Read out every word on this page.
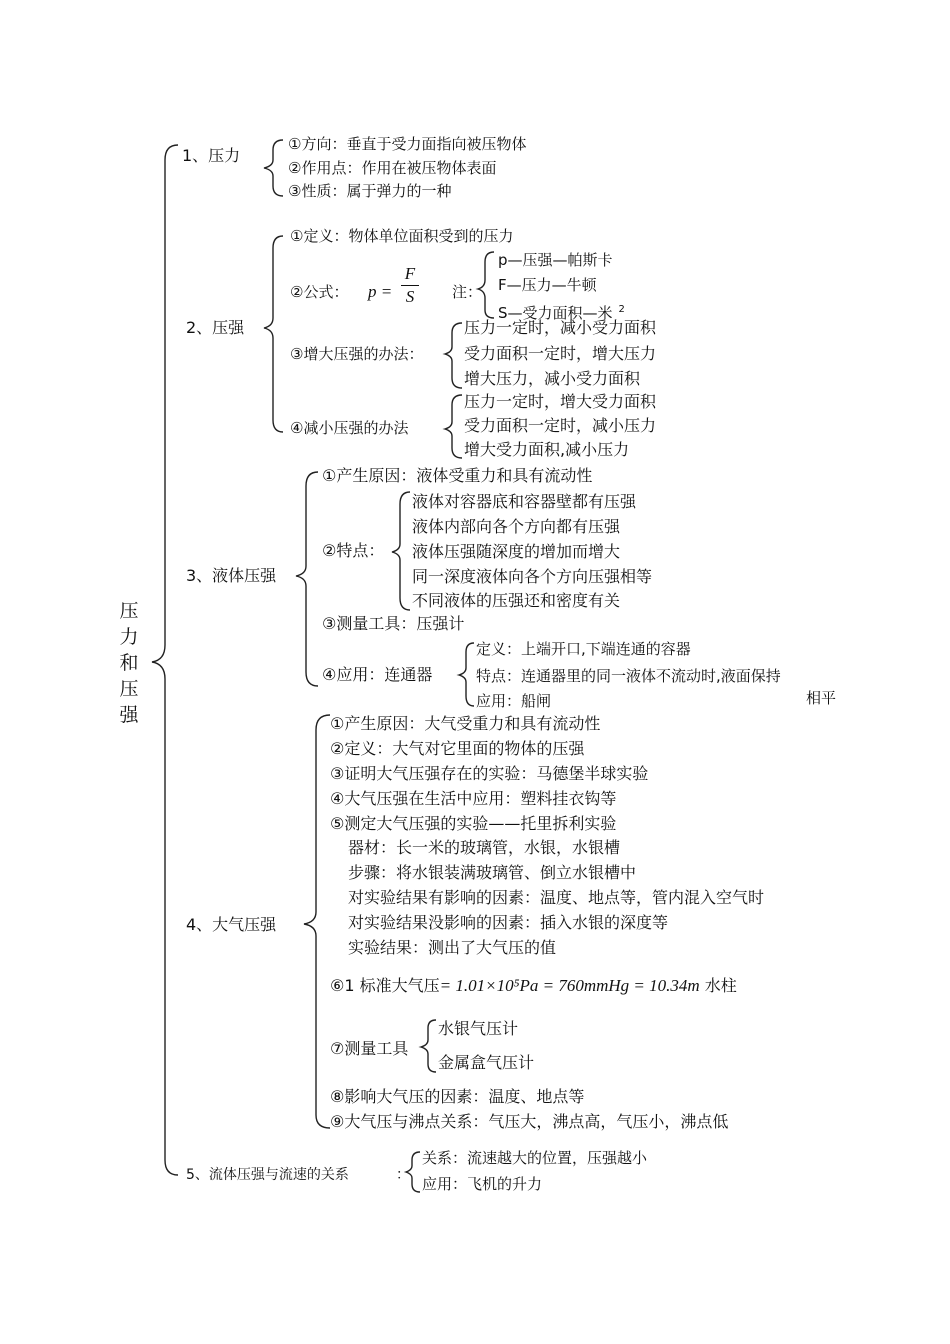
压
力
和
压
强
1、压力
①方向：垂直于受力面指向被压物体
②作用点：作用在被压物体表面
③性质：属于弹力的一种
2、压强
①定义：物体单位面积受到的压力
②公式： p =
F
S	注：
p—压强—帕斯卡
F—压力—牛顿
S—受力面积—米 $^2$
③增大压强的办法：
压力一定时，减小受力面积
受力面积一定时，增大压力
增大压力，减小受力面积
④减小压强的办法
压力一定时，增大受力面积
受力面积一定时，减小压力
增大受力面积,减小压力
3、液体压强
①产生原因：液体受重力和具有流动性
②特点：
液体对容器底和容器壁都有压强
液体内部向各个方向都有压强
液体压强随深度的增加而增大
同一深度液体向各个方向压强相等
不同液体的压强还和密度有关
③测量工具：压强计
④应用：连通器
定义：上端开口,下端连通的容器
特点：连通器里的同一液体不流动时,液面保持
应用：船闸	相平
4、大气压强
①产生原因：大气受重力和具有流动性
②定义：大气对它里面的物体的压强
③证明大气压强存在的实验：马德堡半球实验
④大气压强在生活中应用：塑料挂衣钩等
⑤测定大气压强的实验——托里拆利实验
器材：长一米的玻璃管，水银，水银槽
步骤：将水银装满玻璃管、倒立水银槽中
对实验结果有影响的因素：温度、地点等，管内混入空气时
对实验结果没影响的因素：插入水银的深度等
实验结果：测出了大气压的值
⑥1 标准大气压= 1.01×10⁵Pa = 760mmHg = 10.34m 水柱
⑦测量工具
水银气压计
金属盒气压计
⑧影响大气压的因素：温度、地点等
⑨大气压与沸点关系：气压大，沸点高，气压小，沸点低
5、流体压强与流速的关系	：
关系：流速越大的位置，压强越小
应用：飞机的升力
